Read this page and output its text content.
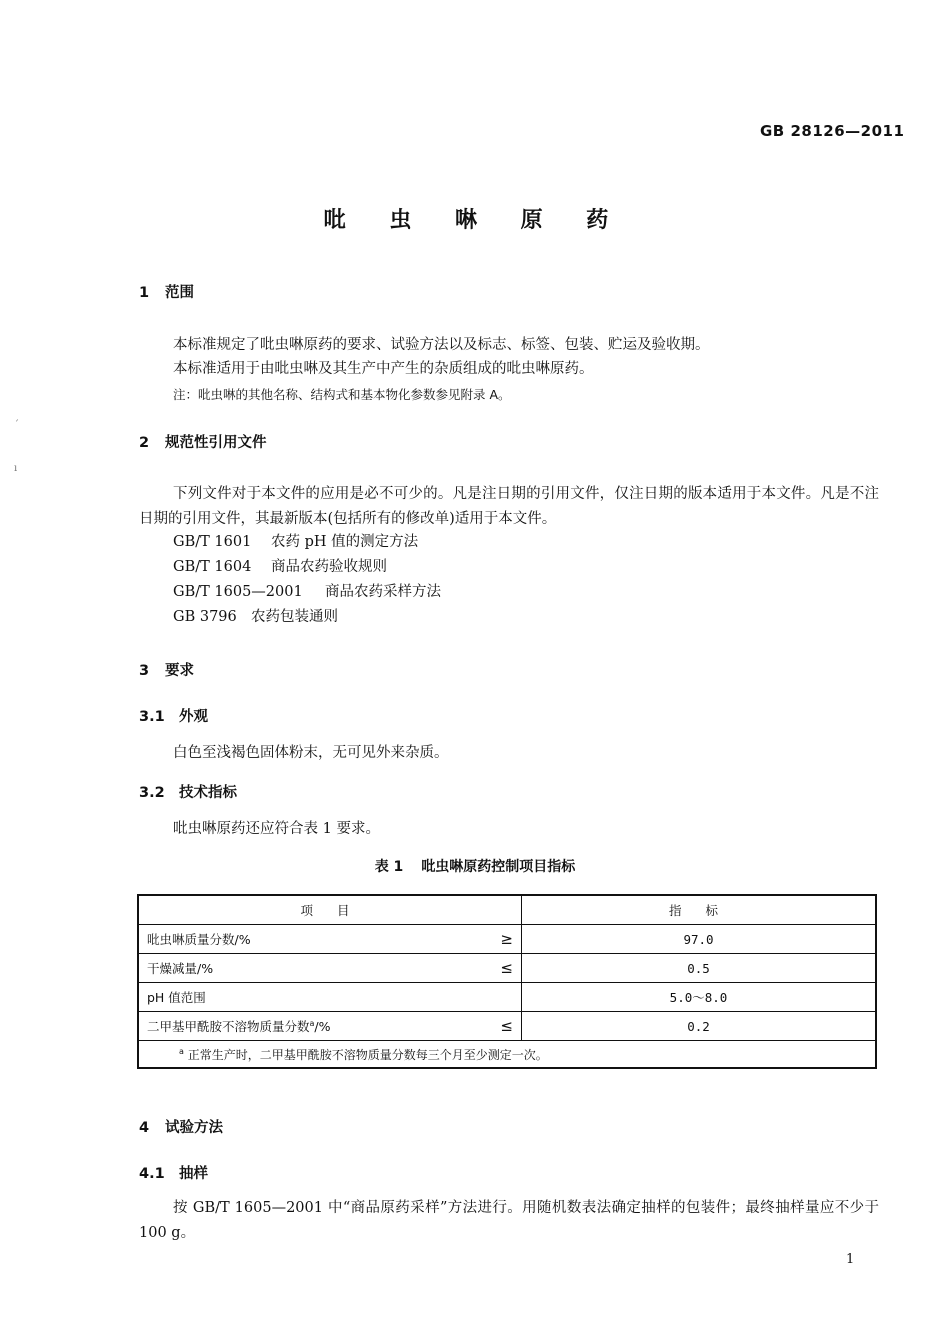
GB 28126—2011
吡 虫 啉 原 药
1 范围
本标准规定了吡虫啉原药的要求、试验方法以及标志、标签、包装、贮运及验收期。
本标准适用于由吡虫啉及其生产中产生的杂质组成的吡虫啉原药。
注：吡虫啉的其他名称、结构式和基本物化参数参见附录 A。
2 规范性引用文件
下列文件对于本文件的应用是必不可少的。凡是注日期的引用文件，仅注日期的版本适用于本文件。凡是不注日期的引用文件，其最新版本(包括所有的修改单)适用于本文件。
GB/T 1601 农药 pH 值的测定方法
GB/T 1604 商品农药验收规则
GB/T 1605—2001 商品农药采样方法
GB 3796 农药包装通则
3 要求
3.1 外观
白色至浅褐色固体粉末，无可见外来杂质。
3.2 技术指标
吡虫啉原药还应符合表 1 要求。
表 1 吡虫啉原药控制项目指标
项 目		指 标
吡虫啉质量分数/%	≥	97.0
干燥减量/%	≤	0.5
pH 值范围		5.0～8.0
二甲基甲酰胺不溶物质量分数$^a$/%	≤	0.2
$^a$ 正常生产时，二甲基甲酰胺不溶物质量分数每三个月至少测定一次。		
4 试验方法
4.1 抽样
按 GB/T 1605—2001 中“商品原药采样”方法进行。用随机数表法确定抽样的包装件；最终抽样量应不少于 100 g。
1
ˊ
ı
